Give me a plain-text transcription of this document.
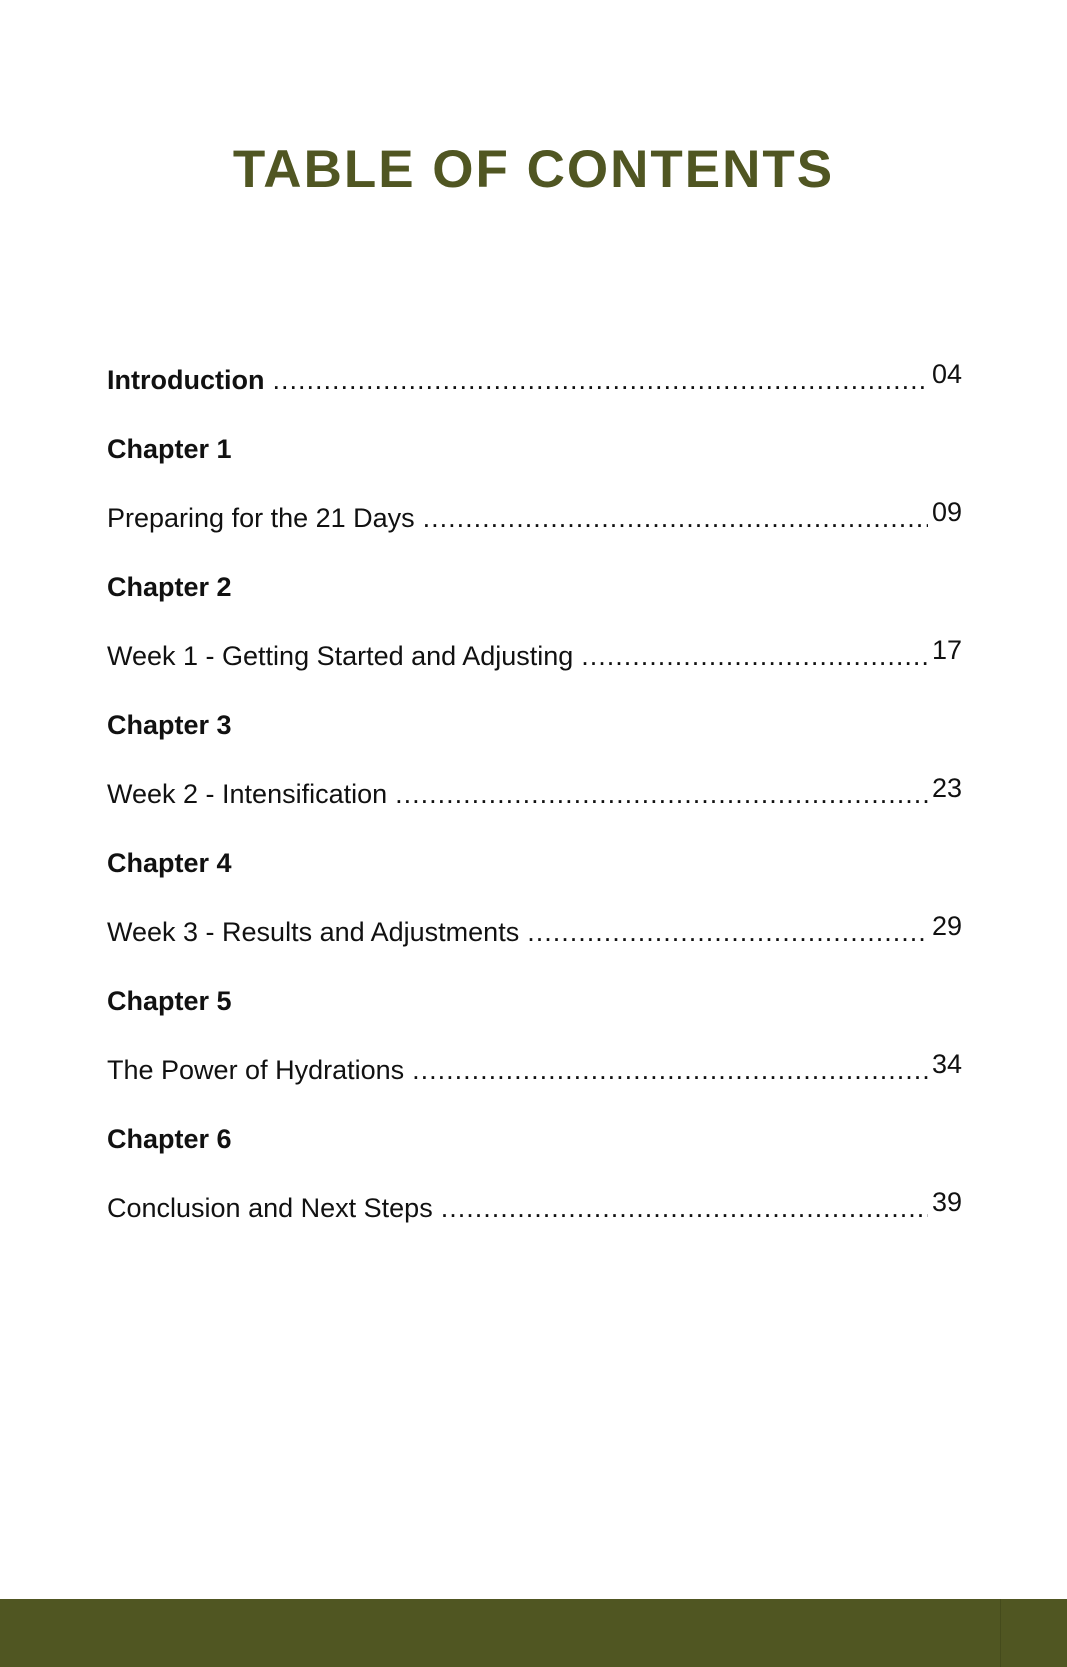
TABLE OF CONTENTS
Introduction .....	04
Chapter 1
Preparing for the 21 Days .....	09
Chapter 2
Week 1 - Getting Started and Adjusting .....	17
Chapter 3
Week 2 - Intensification .....	23
Chapter 4
Week 3 - Results and Adjustments .....	29
Chapter 5
The Power of Hydrations .....	34
Chapter 6
Conclusion and Next Steps .....	39
